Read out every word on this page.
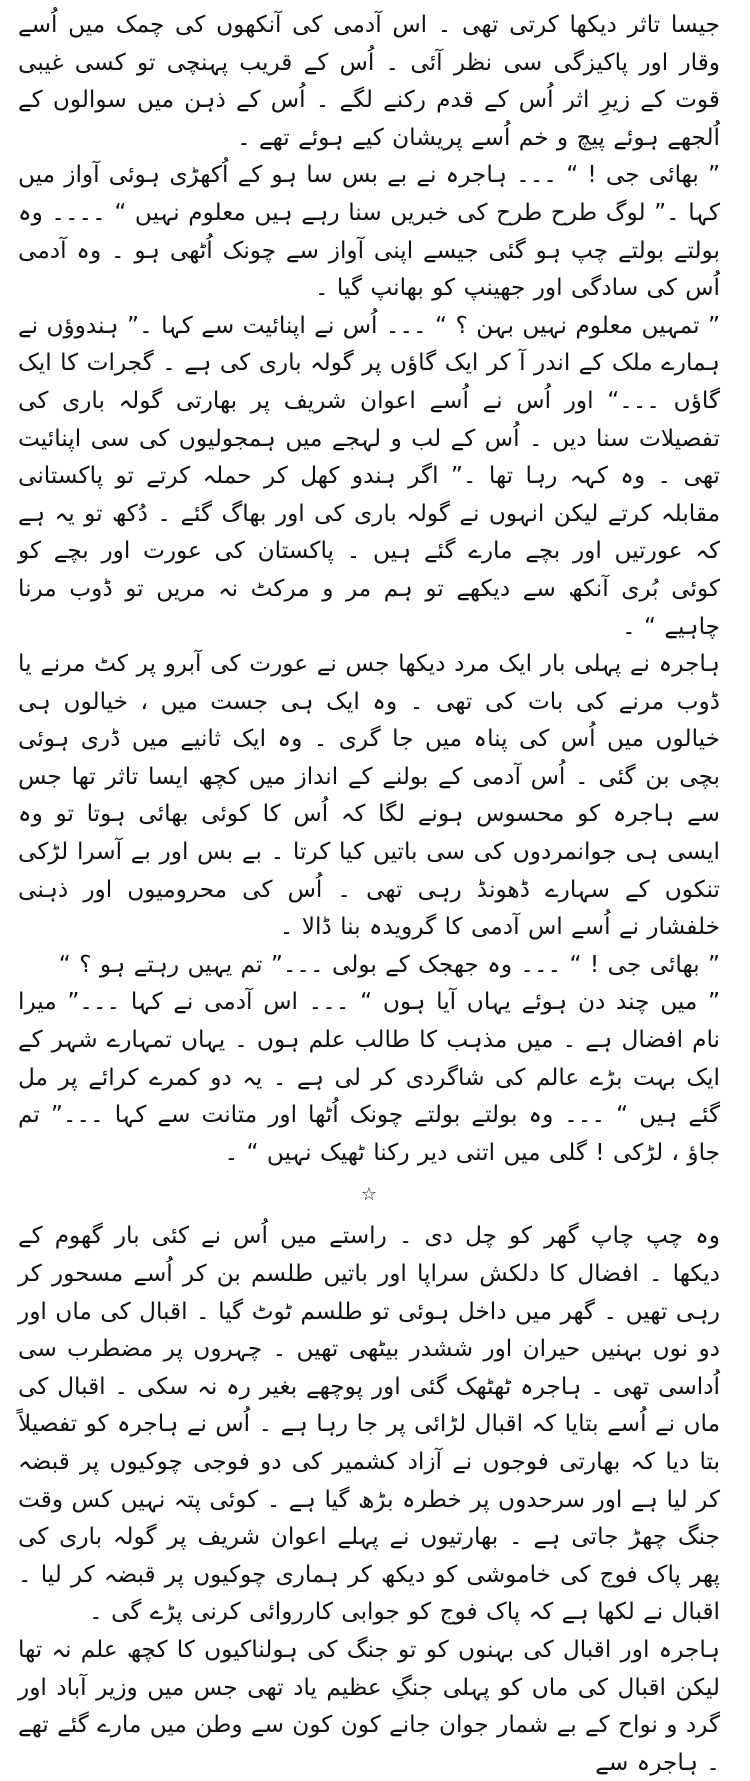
جیسا تاثر دیکھا کرتی تھی ۔ اس آدمی کی آنکھوں کی چمک میں اُسے وقار اور پاکیزگی سی نظر آئی ۔ اُس کے قریب پہنچی تو کسی غیبی قوت کے زیرِ اثر اُس کے قدم رکنے لگے ۔ اُس کے ذہن میں سوالوں کے اُلجھے ہوئے پیچ و خم اُسے پریشان کیے ہوئے تھے ۔

” بھائی جی ! “ ۔۔۔ ہاجرہ نے بے بس سا ہو کے اُکھڑی ہوئی آواز میں کہا ۔” لوگ طرح طرح کی خبریں سنا رہے ہیں معلوم نہیں “ ۔۔۔۔ وہ بولتے بولتے چپ ہو گئی جیسے اپنی آواز سے چونک اُٹھی ہو ۔ وہ آدمی اُس کی سادگی اور جھینپ کو بھانپ گیا ۔

” تمہیں معلوم نہیں بہن ؟ “ ۔۔۔ اُس نے اپنائیت سے کہا ۔” ہندوؤں نے ہمارے ملک کے اندر آ کر ایک گاؤں پر گولہ باری کی ہے ۔ گجرات کا ایک گاؤں ۔۔۔“ اور اُس نے اُسے اعوان شریف پر بھارتی گولہ باری کی تفصیلات سنا دیں ۔ اُس کے لب و لہجے میں ہمجولیوں کی سی اپنائیت تھی ۔ وہ کہہ رہا تھا ۔” اگر ہندو کھل کر حملہ کرتے تو پاکستانی مقابلہ کرتے لیکن انہوں نے گولہ باری کی اور بھاگ گئے ۔ دُکھ تو یہ ہے کہ عورتیں اور بچے مارے گئے ہیں ۔ پاکستان کی عورت اور بچے کو کوئی بُری آنکھ سے دیکھے تو ہم مر و مرکٹ نہ مریں تو ڈوب مرنا چاہیے “ ۔

ہاجرہ نے پہلی بار ایک مرد دیکھا جس نے عورت کی آبرو پر کٹ مرنے یا ڈوب مرنے کی بات کی تھی ۔ وہ ایک ہی جست میں ، خیالوں ہی خیالوں میں اُس کی پناہ میں جا گری ۔ وہ ایک ثانیے میں ڈری ہوئی بچی بن گئی ۔ اُس آدمی کے بولنے کے انداز میں کچھ ایسا تاثر تھا جس سے ہاجرہ کو محسوس ہونے لگا کہ اُس کا کوئی بھائی ہوتا تو وہ ایسی ہی جوانمردوں کی سی باتیں کیا کرتا ۔ بے بس اور بے آسرا لڑکی تنکوں کے سہارے ڈھونڈ رہی تھی ۔ اُس کی محرومیوں اور ذہنی خلفشار نے اُسے اس آدمی کا گرویدہ بنا ڈالا ۔

” بھائی جی ! “ ۔۔۔ وہ جھجک کے بولی ۔۔۔” تم یہیں رہتے ہو ؟ “

” میں چند دن ہوئے یہاں آیا ہوں “ ۔۔۔ اس آدمی نے کہا ۔۔۔” میرا نام افضال ہے ۔ میں مذہب کا طالب علم ہوں ۔ یہاں تمہارے شہر کے ایک بہت بڑے عالم کی شاگردی کر لی ہے ۔ یہ دو کمرے کرائے پر مل گئے ہیں “ ۔۔۔ وہ بولتے بولتے چونک اُٹھا اور متانت سے کہا ۔۔۔” تم جاؤ ، لڑکی ! گلی میں اتنی دیر رکنا ٹھیک نہیں “ ۔

☆

وہ چپ چاپ گھر کو چل دی ۔ راستے میں اُس نے کئی بار گھوم کے دیکھا ۔ افضال کا دلکش سراپا اور باتیں طلسم بن کر اُسے مسحور کر رہی تھیں ۔ گھر میں داخل ہوئی تو طلسم ٹوٹ گیا ۔ اقبال کی ماں اور دو نوں بہنیں حیران اور ششدر بیٹھی تھیں ۔ چہروں پر مضطرب سی اُداسی تھی ۔ ہاجرہ ٹھٹھک گئی اور پوچھے بغیر رہ نہ سکی ۔ اقبال کی ماں نے اُسے بتایا کہ اقبال لڑائی پر جا رہا ہے ۔ اُس نے ہاجرہ کو تفصیلاً بتا دیا کہ بھارتی فوجوں نے آزاد کشمیر کی دو فوجی چوکیوں پر قبضہ کر لیا ہے اور سرحدوں پر خطرہ بڑھ گیا ہے ۔ کوئی پتہ نہیں کس وقت جنگ چھڑ جاتی ہے ۔ بھارتیوں نے پہلے اعوان شریف پر گولہ باری کی پھر پاک فوج کی خاموشی کو دیکھ کر ہماری چوکیوں پر قبضہ کر لیا ۔ اقبال نے لکھا ہے کہ پاک فوج کو جوابی کارروائی کرنی پڑے گی ۔

ہاجرہ اور اقبال کی بہنوں کو تو جنگ کی ہولناکیوں کا کچھ علم نہ تھا لیکن اقبال کی ماں کو پہلی جنگِ عظیم یاد تھی جس میں وزیر آباد اور گرد و نواح کے بے شمار جوان جانے کون کون سے وطن میں مارے گئے تھے ۔ ہاجرہ سے
